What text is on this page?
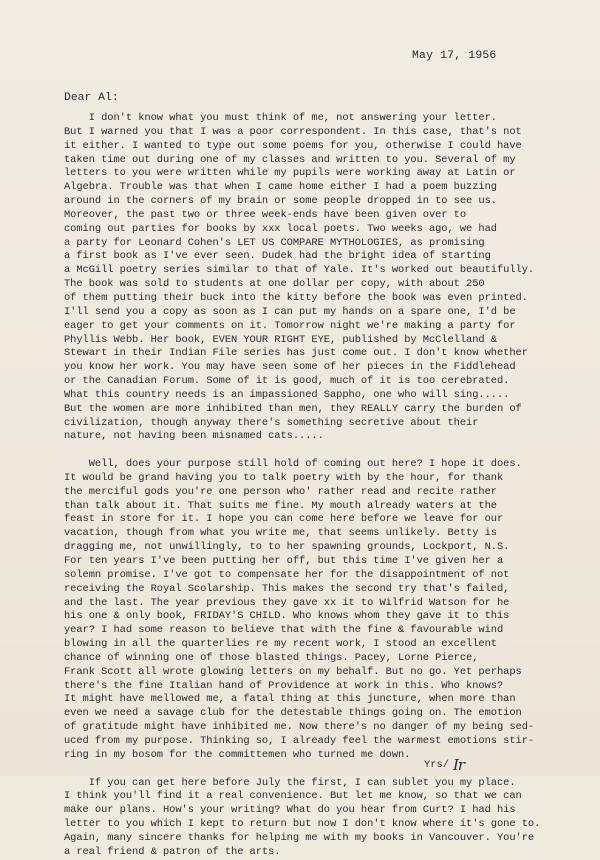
May 17, 1956
Dear Al:
I don't know what you must think of me, not answering your letter.
But I warned you that I was a poor correspondent. In this case, that's not
it either. I wanted to type out some poems for you, otherwise I could have
taken time out during one of my classes and written to you. Several of my
letters to you were written while my pupils were working away at Latin or
Algebra. Trouble was that when I came home either I had a poem buzzing
around in the corners of my brain or some people dropped in to see us.
Moreover, the past two or three week-ends have been given over to
coming out parties for books by xxx local poets. Two weeks ago, we had
a party for Leonard Cohen's LET US COMPARE MYTHOLOGIES, as promising
a first book as I've ever seen. Dudek had the bright idea of starting
a McGill poetry series similar to that of Yale. It's worked out beautifully.
The book was sold to students at one dollar per copy, with about 250
of them putting their buck into the kitty before the book was even printed.
I'll send you a copy as soon as I can put my hands on a spare one, I'd be
eager to get your comments on it. Tomorrow night we're making a party for
Phyllis Webb. Her book, EVEN YOUR RIGHT EYE, published by McClelland &
Stewart in their Indian File series has just come out. I don't know whether
you know her work. You may have seen some of her pieces in the Fiddlehead
or the Canadian Forum. Some of it is good, much of it is too cerebrated.
What this country needs is an impassioned Sappho, one who will sing.....
But the women are more inhibited than men, they REALLY carry the burden of
civilization, though anyway there's something secretive about their
nature, not having been misnamed cats.....
Well, does your purpose still hold of coming out here? I hope it does.
It would be grand having you to talk poetry with by the hour, for thank
the merciful gods you're one person who' rather read and recite rather
than talk about it. That suits me fine. My mouth already waters at the
feast in store for it. I hope you can come here before we leave for our
vacation, though from what you write me, that seems unlikely. Betty is
dragging me, not unwillingly, to to her spawning grounds, Lockport, N.S.
For ten years I've been putting her off, but this time I've given her a
solemn promise. I've got to compensate her for the disappointment of not
receiving the Royal Scolarship. This makes the second try that's failed,
and the last. The year previous they gave xx it to Wilfrid Watson for he
his one & only book, FRIDAY'S CHILD. Who knows whom they gave it to this
year? I had some reason to believe that with the fine & favourable wind
blowing in all the quarterlies re my recent work, I stood an excellent
chance of winning one of those blasted things. Pacey, Lorne Pierce,
Frank Scott all wrote glowing letters on my behalf. But no go. Yet perhaps
there's the fine Italian hand of Providence at work in this. Who knows?
It might have mellowed me, a fatal thing at this juncture, when more than
even we need a savage club for the detestable things going on. The emotion
of gratitude might have inhibited me. Now there's no danger of my being sed-
uced from my purpose. Thinking so, I already feel the warmest emotions stir-
ring in my bosom for the committemen who turned me down.
If you can get here before July the first, I can sublet you my place.
I think you'll find it a real convenience. But let me know, so that we can
make our plans. How's your writing? What do you hear from Curt? I had his
letter to you which I kept to return but now I don't know where it's gone to.
Again, many sincere thanks for helping me with my books in Vancouver. You're
a real friend & patron of the arts.
Yrs/ Ir
